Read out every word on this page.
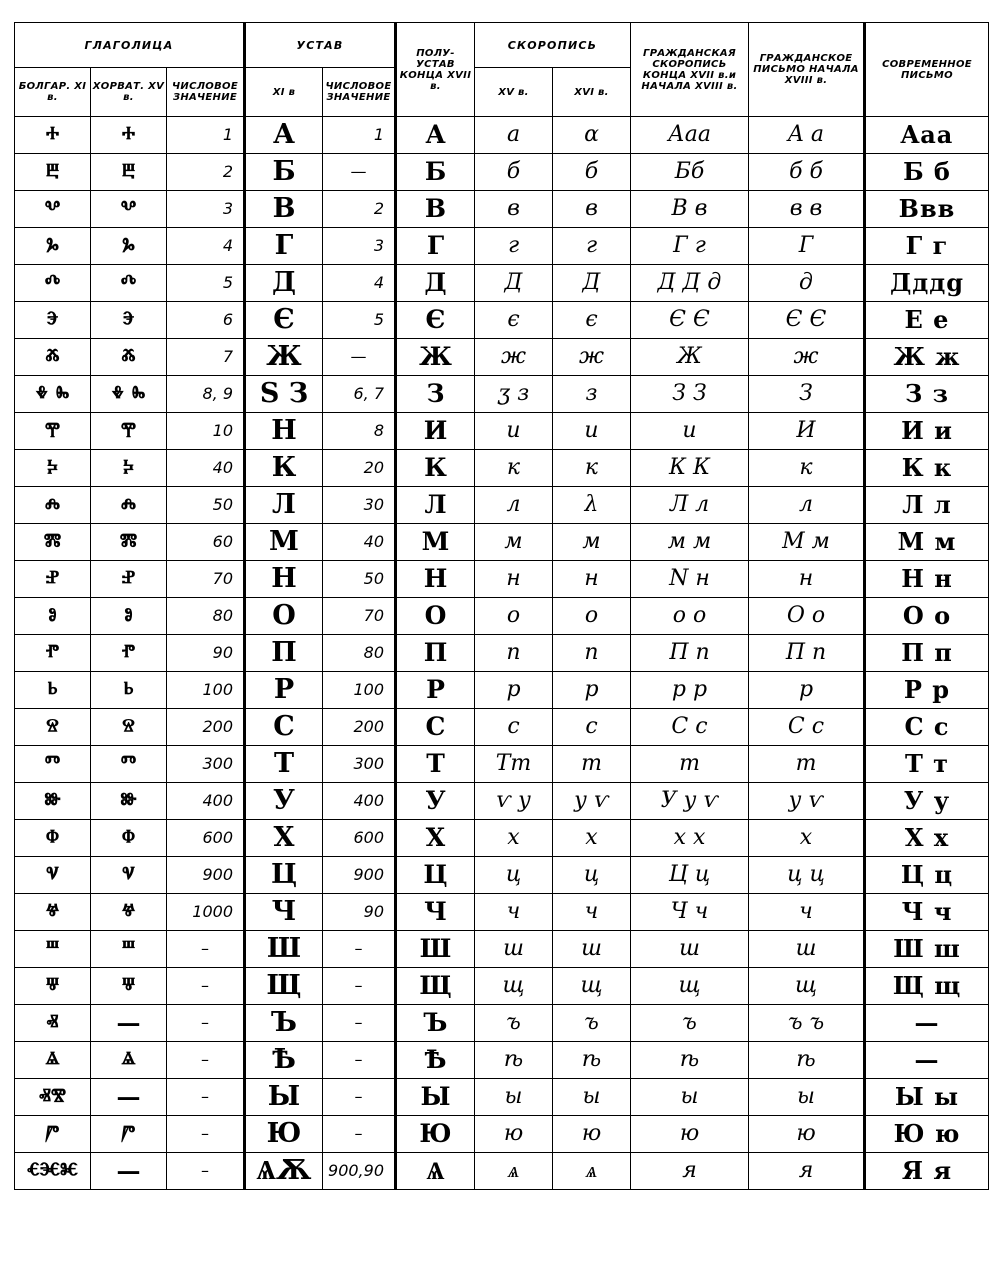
ГЛАГОЛИЦА			УСТАВ		ПОЛУ- УСТАВ КОНЦА XVII в.	СКОРОПИСЬ		ГРАЖДАНСКАЯ СКОРОПИСЬ КОНЦА XVII в.и НАЧАЛА XVIII в.	ГРАЖДАНСКОЕ ПИСЬМО НАЧАЛА XVIII в.	СОВРЕМЕННОЕ ПИСЬМО
БОЛГАР. XI в.	ХОРВАТ. XV в.	ЧИСЛОВОЕ ЗНАЧЕНИЕ	XI в	ЧИСЛОВОЕ ЗНАЧЕНИЕ		XV в.	XVI в.			
ⰰ	ⰰ	1	А	1	А	а	α	Аaa	A a	Aaa
ⰱ	ⰱ	2	Б	—	Б	б	б	Бб	б б	Б б
ⰲ	ⰲ	3	В	2	В	в	в	В в	в в	Ввв
ⰳ	ⰳ	4	Г	3	Г	г	г	Г г	Г	Г г
ⰴ	ⰴ	5	Д	4	Д	Д	Д	Д Д д	д	Дддg
ⰵ	ⰵ	6	Є	5	Є	є	є	Є Є	Є Є	Е е
ⰶ	ⰶ	7	Ж	—	Ж	ж	ж	Ж	ж	Ж ж
ⰷ ⰸ	ⰷ ⰸ	8, 9	Ѕ З	6, 7	З	ʒ з	з	З З	З	З з
ⰹ	ⰹ	10	Н	8	И	и	и	и	И	И и
ⰽ	ⰽ	40	К	20	К	к	к	К К	к	К к
ⰾ	ⰾ	50	Л	30	Л	л	λ	Л л	л	Л л
ⰿ	ⰿ	60	М	40	М	м	м	м м	М м	М м
ⱀ	ⱀ	70	Н	50	Н	н	н	N н	н	Н н
ⱁ	ⱁ	80	О	70	О	о	о	о о	О о	О о
ⱂ	ⱂ	90	П	80	П	п	п	П п	П п	П п
ⱃ	ⱃ	100	Р	100	Р	р	р	р р	р	Р р
ⱄ	ⱄ	200	С	200	С	с	с	С с	С с	С с
ⱅ	ⱅ	300	Т	300	Т	Тт	т	т	т	Т т
ⱆ	ⱆ	400	У	400	У	ѵ у	у ѵ	У у ѵ	у ѵ	У у
ⱇ	ⱇ	600	Х	600	Х	х	х	х х	х	Х х
ⱌ	ⱌ	900	Ц	900	Ц	ц	ц	Ц ц	ц ц	Ц ц
ⱍ	ⱍ	1000	Ч	90	Ч	ч	ч	Ч ч	ч	Ч ч
ⱎ	ⱎ	–	Ш	–	Ш	ш	ш	ш	ш	Ш ш
ⱋ	ⱋ	–	Щ	–	Щ	щ	щ	щ	щ	Щ щ
ⱏ	—	–	Ъ	–	Ъ	ъ	ъ	ъ	ъ ъ	—
ⱑ	ⱑ	–	Ѣ	–	Ѣ	ѣ	ѣ	ѣ	ѣ	—
ⱏⰺ	—	–	Ы	–	Ы	ы	ы	ы	ы	Ы ы
ⱓ	ⱓ	–	Ю	–	Ю	ю	ю	ю	ю	Ю ю
ⱔⱗⱘ	—	–	ѦѪ	900,90	Ѧ	ѧ	ѧ	я	я	Я я
